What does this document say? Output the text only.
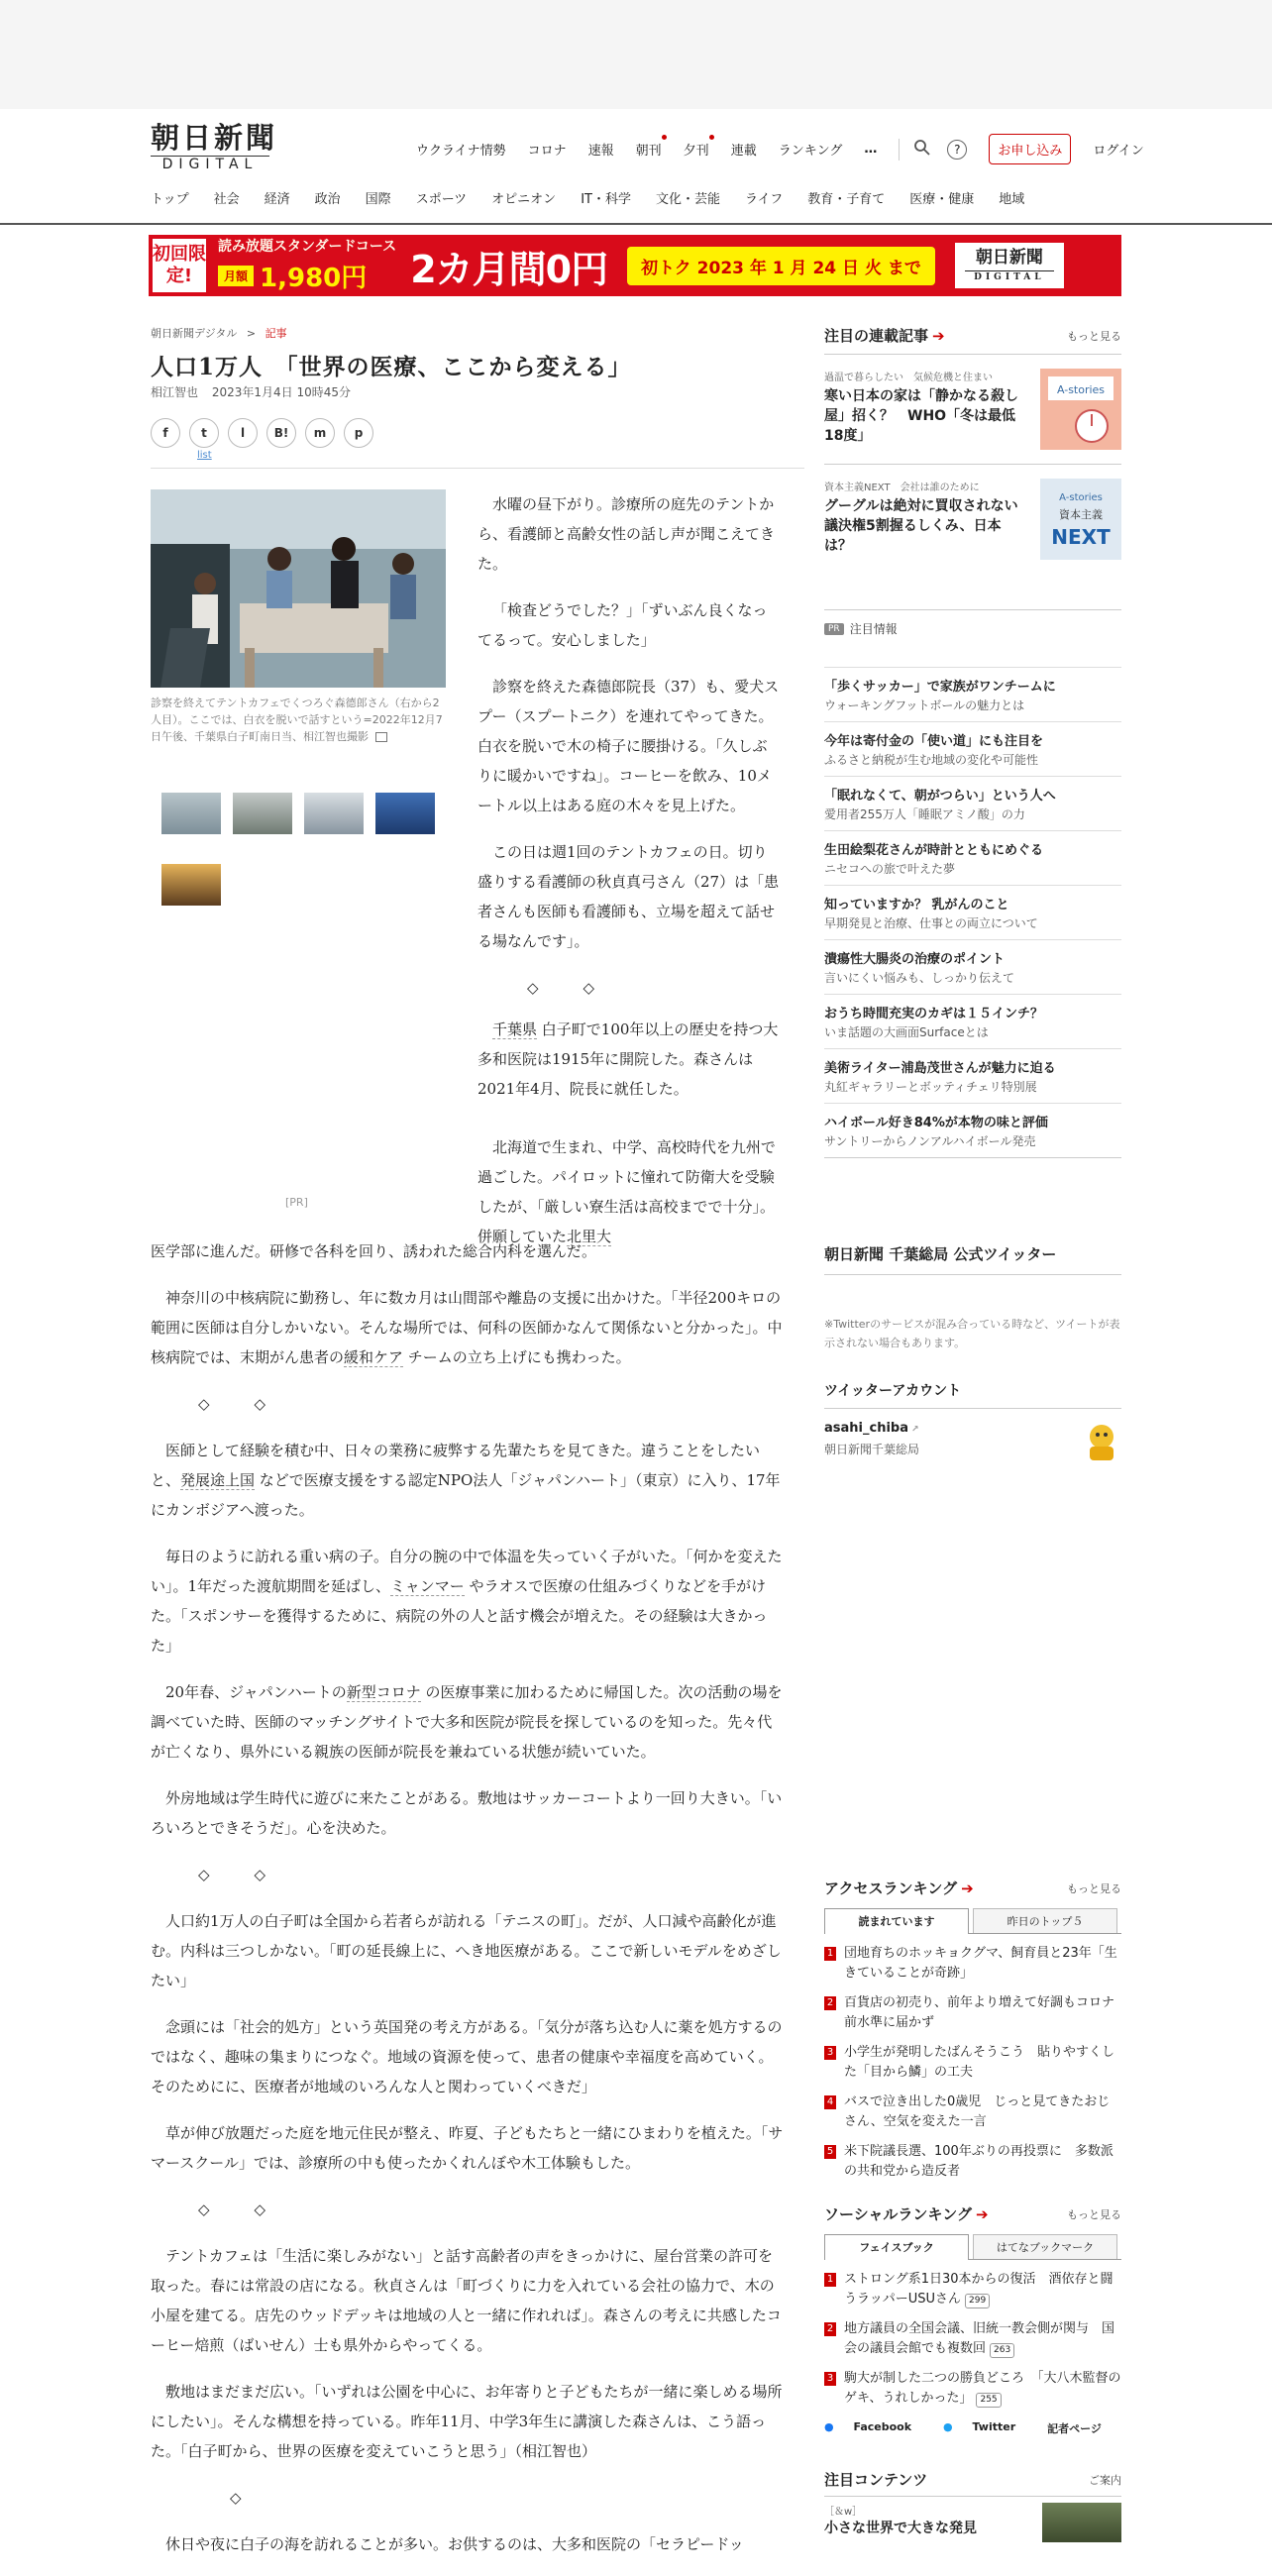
朝日新聞
DIGITAL
ウクライナ情勢 コロナ 速報 朝刊 夕刊 連載 ランキング …	?	お申し込み	ログイン
トップ 社会 経済 政治 国際 スポーツ オピニオン IT・科学 文化・芸能 ライフ 教育・子育て 医療・健康 地域
初回限定!
読み放題スタンダードコース
月額 1,980円 2カ月間0円	初トク 2023 年 1 月 24 日 火 まで
朝日新聞
DIGITAL
朝日新聞デジタル > 記事
人口1万人　「世界の医療、ここから変える」
相江智也 2023年1月4日 10時45分
f	t	l	B!	m	p
list
診察を終えてテントカフェでくつろぐ森德郎さん（右から2人目）。ここでは、白衣を脱いで話すという=2022年12月7日午後、千葉県白子町南日当、相江智也撮影
[PR]

水曜の昼下がり。診療所の庭先のテントから、看護師と高齢女性の話し声が聞こえてきた。

「検査どうでした？」「ずいぶん良くなってるって。安心しました」

診察を終えた森德郎院長（37）も、愛犬スプー（スプートニク）を連れてやってきた。白衣を脱いで木の椅子に腰掛ける。「久しぶりに暖かいですね」。コーヒーを飲み、10メートル以上はある庭の木々を見上げた。

この日は週1回のテントカフェの日。切り盛りする看護師の秋貞真弓さん（27）は「患者さんも医師も看護師も、立場を超えて話せる場なんです」。

◇　　　◇

千葉県 白子町で100年以上の歴史を持つ大多和医院は1915年に開院した。森さんは2021年4月、院長に就任した。

北海道で生まれ、中学、高校時代を九州で過ごした。パイロットに憧れて防衛大を受験したが、「厳しい寮生活は高校までで十分」。併願していた北里大

医学部に進んだ。研修で各科を回り、誘われた総合内科を選んだ。

神奈川の中核病院に勤務し、年に数カ月は山間部や離島の支援に出かけた。「半径200キロの範囲に医師は自分しかいない。そんな場所では、何科の医師かなんて関係ないと分かった」。中核病院では、末期がん患者の緩和ケア チームの立ち上げにも携わった。

◇　　　◇

医師として経験を積む中、日々の業務に疲弊する先輩たちを見てきた。違うことをしたいと、発展途上国 などで医療支援をする認定NPO法人「ジャパンハート」（東京）に入り、17年にカンボジアへ渡った。

毎日のように訪れる重い病の子。自分の腕の中で体温を失っていく子がいた。「何かを変えたい」。1年だった渡航期間を延ばし、ミャンマー やラオスで医療の仕組みづくりなどを手がけた。「スポンサーを獲得するために、病院の外の人と話す機会が増えた。その経験は大きかった」

20年春、ジャパンハートの新型コロナ の医療事業に加わるために帰国した。次の活動の場を調べていた時、医師のマッチングサイトで大多和医院が院長を探しているのを知った。先々代が亡くなり、県外にいる親族の医師が院長を兼ねている状態が続いていた。

外房地域は学生時代に遊びに来たことがある。敷地はサッカーコートより一回り大きい。「いろいろとできそうだ」。心を決めた。

◇　　　◇

人口約1万人の白子町は全国から若者らが訪れる「テニスの町」。だが、人口減や高齢化が進む。内科は三つしかない。「町の延長線上に、へき地医療がある。ここで新しいモデルをめざしたい」

念頭には「社会的処方」という英国発の考え方がある。「気分が落ち込む人に薬を処方するのではなく、趣味の集まりにつなぐ。地域の資源を使って、患者の健康や幸福度を高めていく。そのためにに、医療者が地域のいろんな人と関わっていくべきだ」

草が伸び放題だった庭を地元住民が整え、昨夏、子どもたちと一緒にひまわりを植えた。「サマースクール」では、診療所の中も使ったかくれんぼや木工体験もした。

◇　　　◇

テントカフェは「生活に楽しみがない」と話す高齢者の声をきっかけに、屋台営業の許可を取った。春には常設の店になる。秋貞さんは「町づくりに力を入れている会社の協力で、木の小屋を建てる。店先のウッドデッキは地域の人と一緒に作れれば」。森さんの考えに共感したコーヒー焙煎（ばいせん）士も県外からやってくる。

敷地はまだまだ広い。「いずれは公園を中心に、お年寄りと子どもたちが一緒に楽しめる場所にしたい」。そんな構想を持っている。昨年11月、中学3年生に講演した森さんは、こう語った。「白子町から、世界の医療を変えていこうと思う」（相江智也）

◇

休日や夜に白子の海を訪れることが多い。お供するのは、大多和医院の「セラピードッ

注目の連載記事 ➔	もっと見る
過温で暮らしたい　気候危機と住まい
寒い日本の家は「静かなる殺し屋」招く？　WHO「冬は最低18度」
A-stories
資本主義NEXT　会社は誰のために
グーグルは絶対に買収されない　議決権5割握るしくみ、日本は？
A-stories
資本主義
NEXT
PR 注目情報
「歩くサッカー」で家族がワンチームに
ウォーキングフットボールの魅力とは
今年は寄付金の「使い道」にも注目を
ふるさと納税が生む地域の変化や可能性
「眠れなくて、朝がつらい」という人へ
愛用者255万人「睡眠アミノ酸」の力
生田絵梨花さんが時計とともにめぐる
ニセコへの旅で叶えた夢
知っていますか？ 乳がんのこと
早期発見と治療、仕事との両立について
潰瘍性大腸炎の治療のポイント
言いにくい悩みも、しっかり伝えて
おうち時間充実のカギは１５インチ？
いま話題の大画面Surfaceとは
美術ライター浦島茂世さんが魅力に迫る
丸紅ギャラリーとボッティチェリ特別展
ハイボール好き84%が本物の味と評価
サントリーからノンアルハイボール発売
朝日新聞 千葉総局 公式ツイッター
※Twitterのサービスが混み合っている時など、ツイートが表示されない場合もあります。
ツイッターアカウント
asahi_chiba ↗
朝日新聞千葉総局
アクセスランキング ➔	もっと見る
読まれています	昨日のトップ５
1 団地育ちのホッキョクグマ、飼育員と23年「生きていることが奇跡」
2 百貨店の初売り、前年より増えて好調もコロナ前水準に届かず
3 小学生が発明したばんそうこう　貼りやすくした「目から鱗」の工夫
4 バスで泣き出した0歳児　じっと見てきたおじさん、空気を変えた一言
5 米下院議長選、100年ぶりの再投票に　多数派の共和党から造反者
ソーシャルランキング ➔	もっと見る
フェイスブック	はてなブックマーク
1 ストロング系1日30本からの復活　酒依存と闘うラッパーUSUさん 299
2 地方議員の全国会議、旧統一教会側が関与　国会の議員会館でも複数回 263
3 駒大が制した二つの勝負どころ　「大八木監督のゲキ、うれしかった」 255
● Facebook	● Twitter	記者ページ
注目コンテンツ	ご案内
［＆w］
小さな世界で大きな発見
